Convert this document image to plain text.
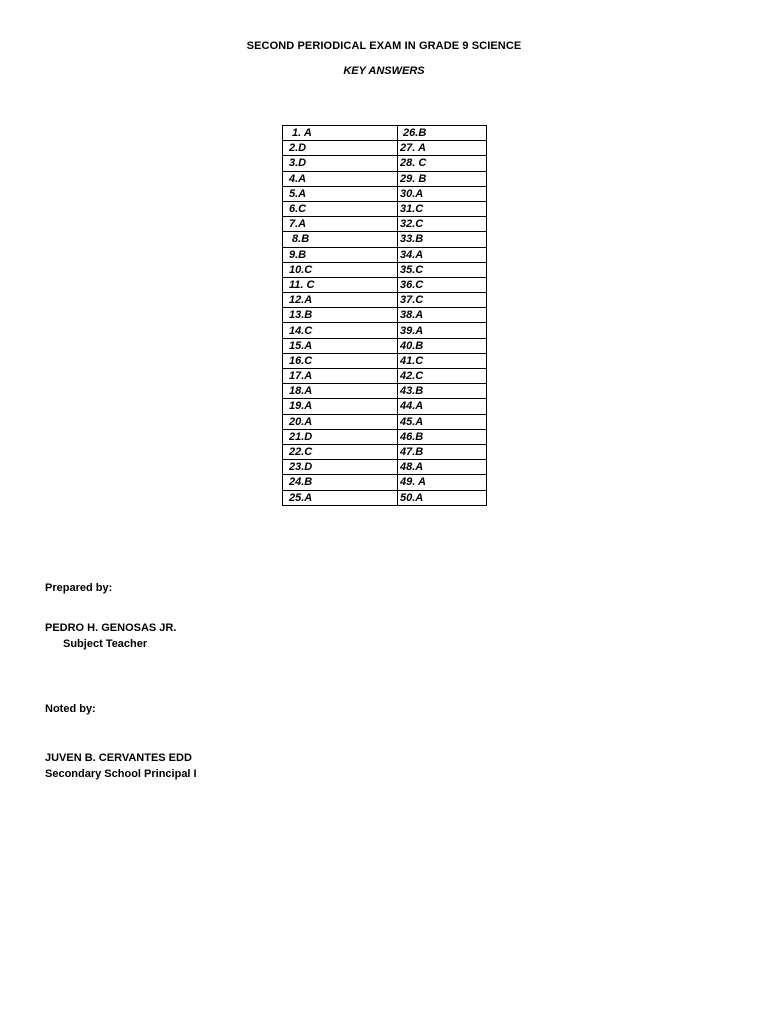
SECOND PERIODICAL EXAM IN GRADE 9 SCIENCE
KEY ANSWERS
1. A	26.B
2.D	27. A
3.D	28. C
4.A	29. B
5.A	30.A
6.C	31.C
7.A	32.C
8.B	33.B
9.B	34.A
10.C	35.C
11. C	36.C
12.A	37.C
13.B	38.A
14.C	39.A
15.A	40.B
16.C	41.C
17.A	42.C
18.A	43.B
19.A	44.A
20.A	45.A
21.D	46.B
22.C	47.B
23.D	48.A
24.B	49. A
25.A	50.A
Prepared by:
PEDRO H. GENOSAS JR.
Subject Teacher
Noted by:
JUVEN B. CERVANTES EDD
Secondary School Principal I
